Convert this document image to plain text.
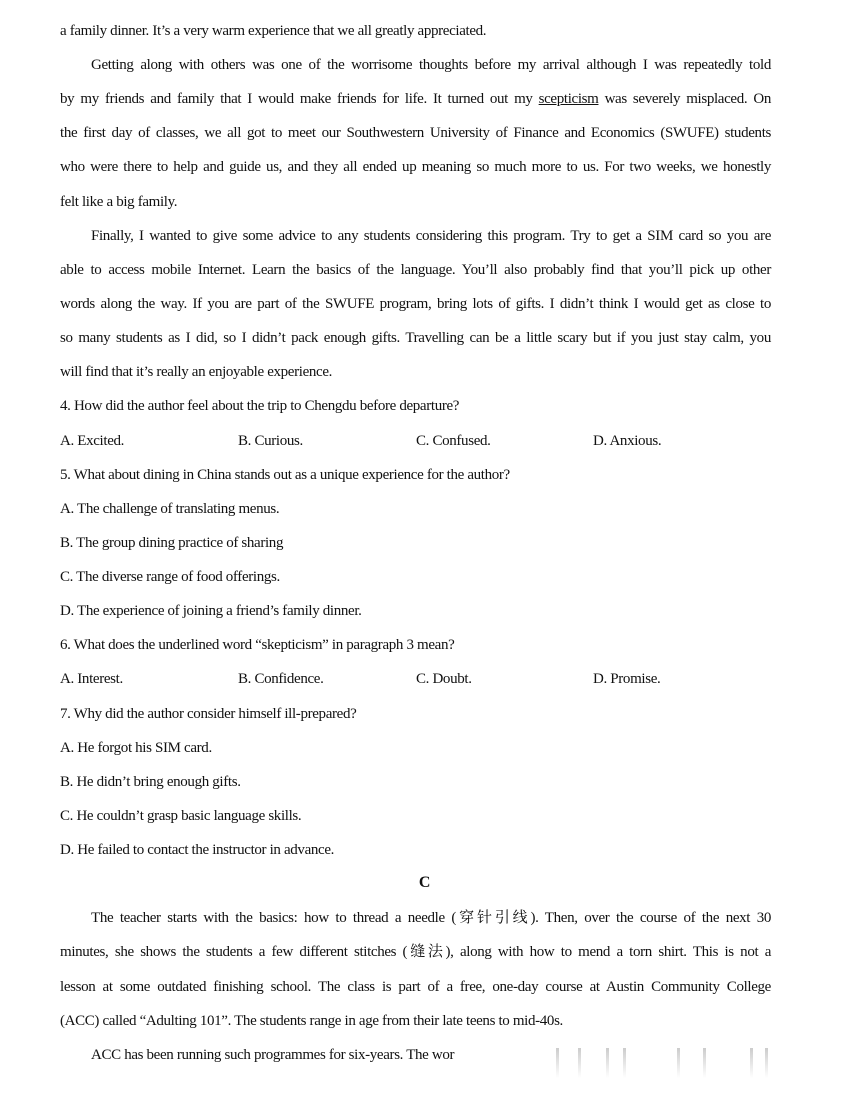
a family dinner. It’s a very warm experience that we all greatly appreciated.
Getting along with others was one of the worrisome thoughts before my arrival although I was repeatedly told
by my friends and family that I would make friends for life. It turned out my scepticism was severely misplaced. On
the first day of classes, we all got to meet our Southwestern University of Finance and Economics (SWUFE) students
who were there to help and guide us, and they all ended up meaning so much more to us. For two weeks, we honestly
felt like a big family.
Finally, I wanted to give some advice to any students considering this program. Try to get a SIM card so you are
able to access mobile Internet. Learn the basics of the language. You’ll also probably find that you’ll pick up other
words along the way. If you are part of the SWUFE program, bring lots of gifts. I didn’t think I would get as close to
so many students as I did, so I didn’t pack enough gifts. Travelling can be a little scary but if you just stay calm, you
will find that it’s really an enjoyable experience.
4. How did the author feel about the trip to Chengdu before departure?
A. Excited.	B. Curious.	C. Confused.	D. Anxious.
5. What about dining in China stands out as a unique experience for the author?
A. The challenge of translating menus.
B. The group dining practice of sharing
C. The diverse range of food offerings.
D. The experience of joining a friend’s family dinner.
6. What does the underlined word “skepticism” in paragraph 3 mean?
A. Interest.	B. Confidence.	C. Doubt.	D. Promise.
7. Why did the author consider himself ill-prepared?
A. He forgot his SIM card.
B. He didn’t bring enough gifts.
C. He couldn’t grasp basic language skills.
D. He failed to contact the instructor in advance.
C
The teacher starts with the basics: how to thread a needle (穿针引线). Then, over the course of the next 30
minutes, she shows the students a few different stitches (缝法), along with how to mend a torn shirt. This is not a
lesson at some outdated finishing school. The class is part of a free, one-day course at Austin Community College
(ACC) called “Adulting 101”. The students range in age from their late teens to mid-40s.
ACC has been running such programmes for six-years. The wor
